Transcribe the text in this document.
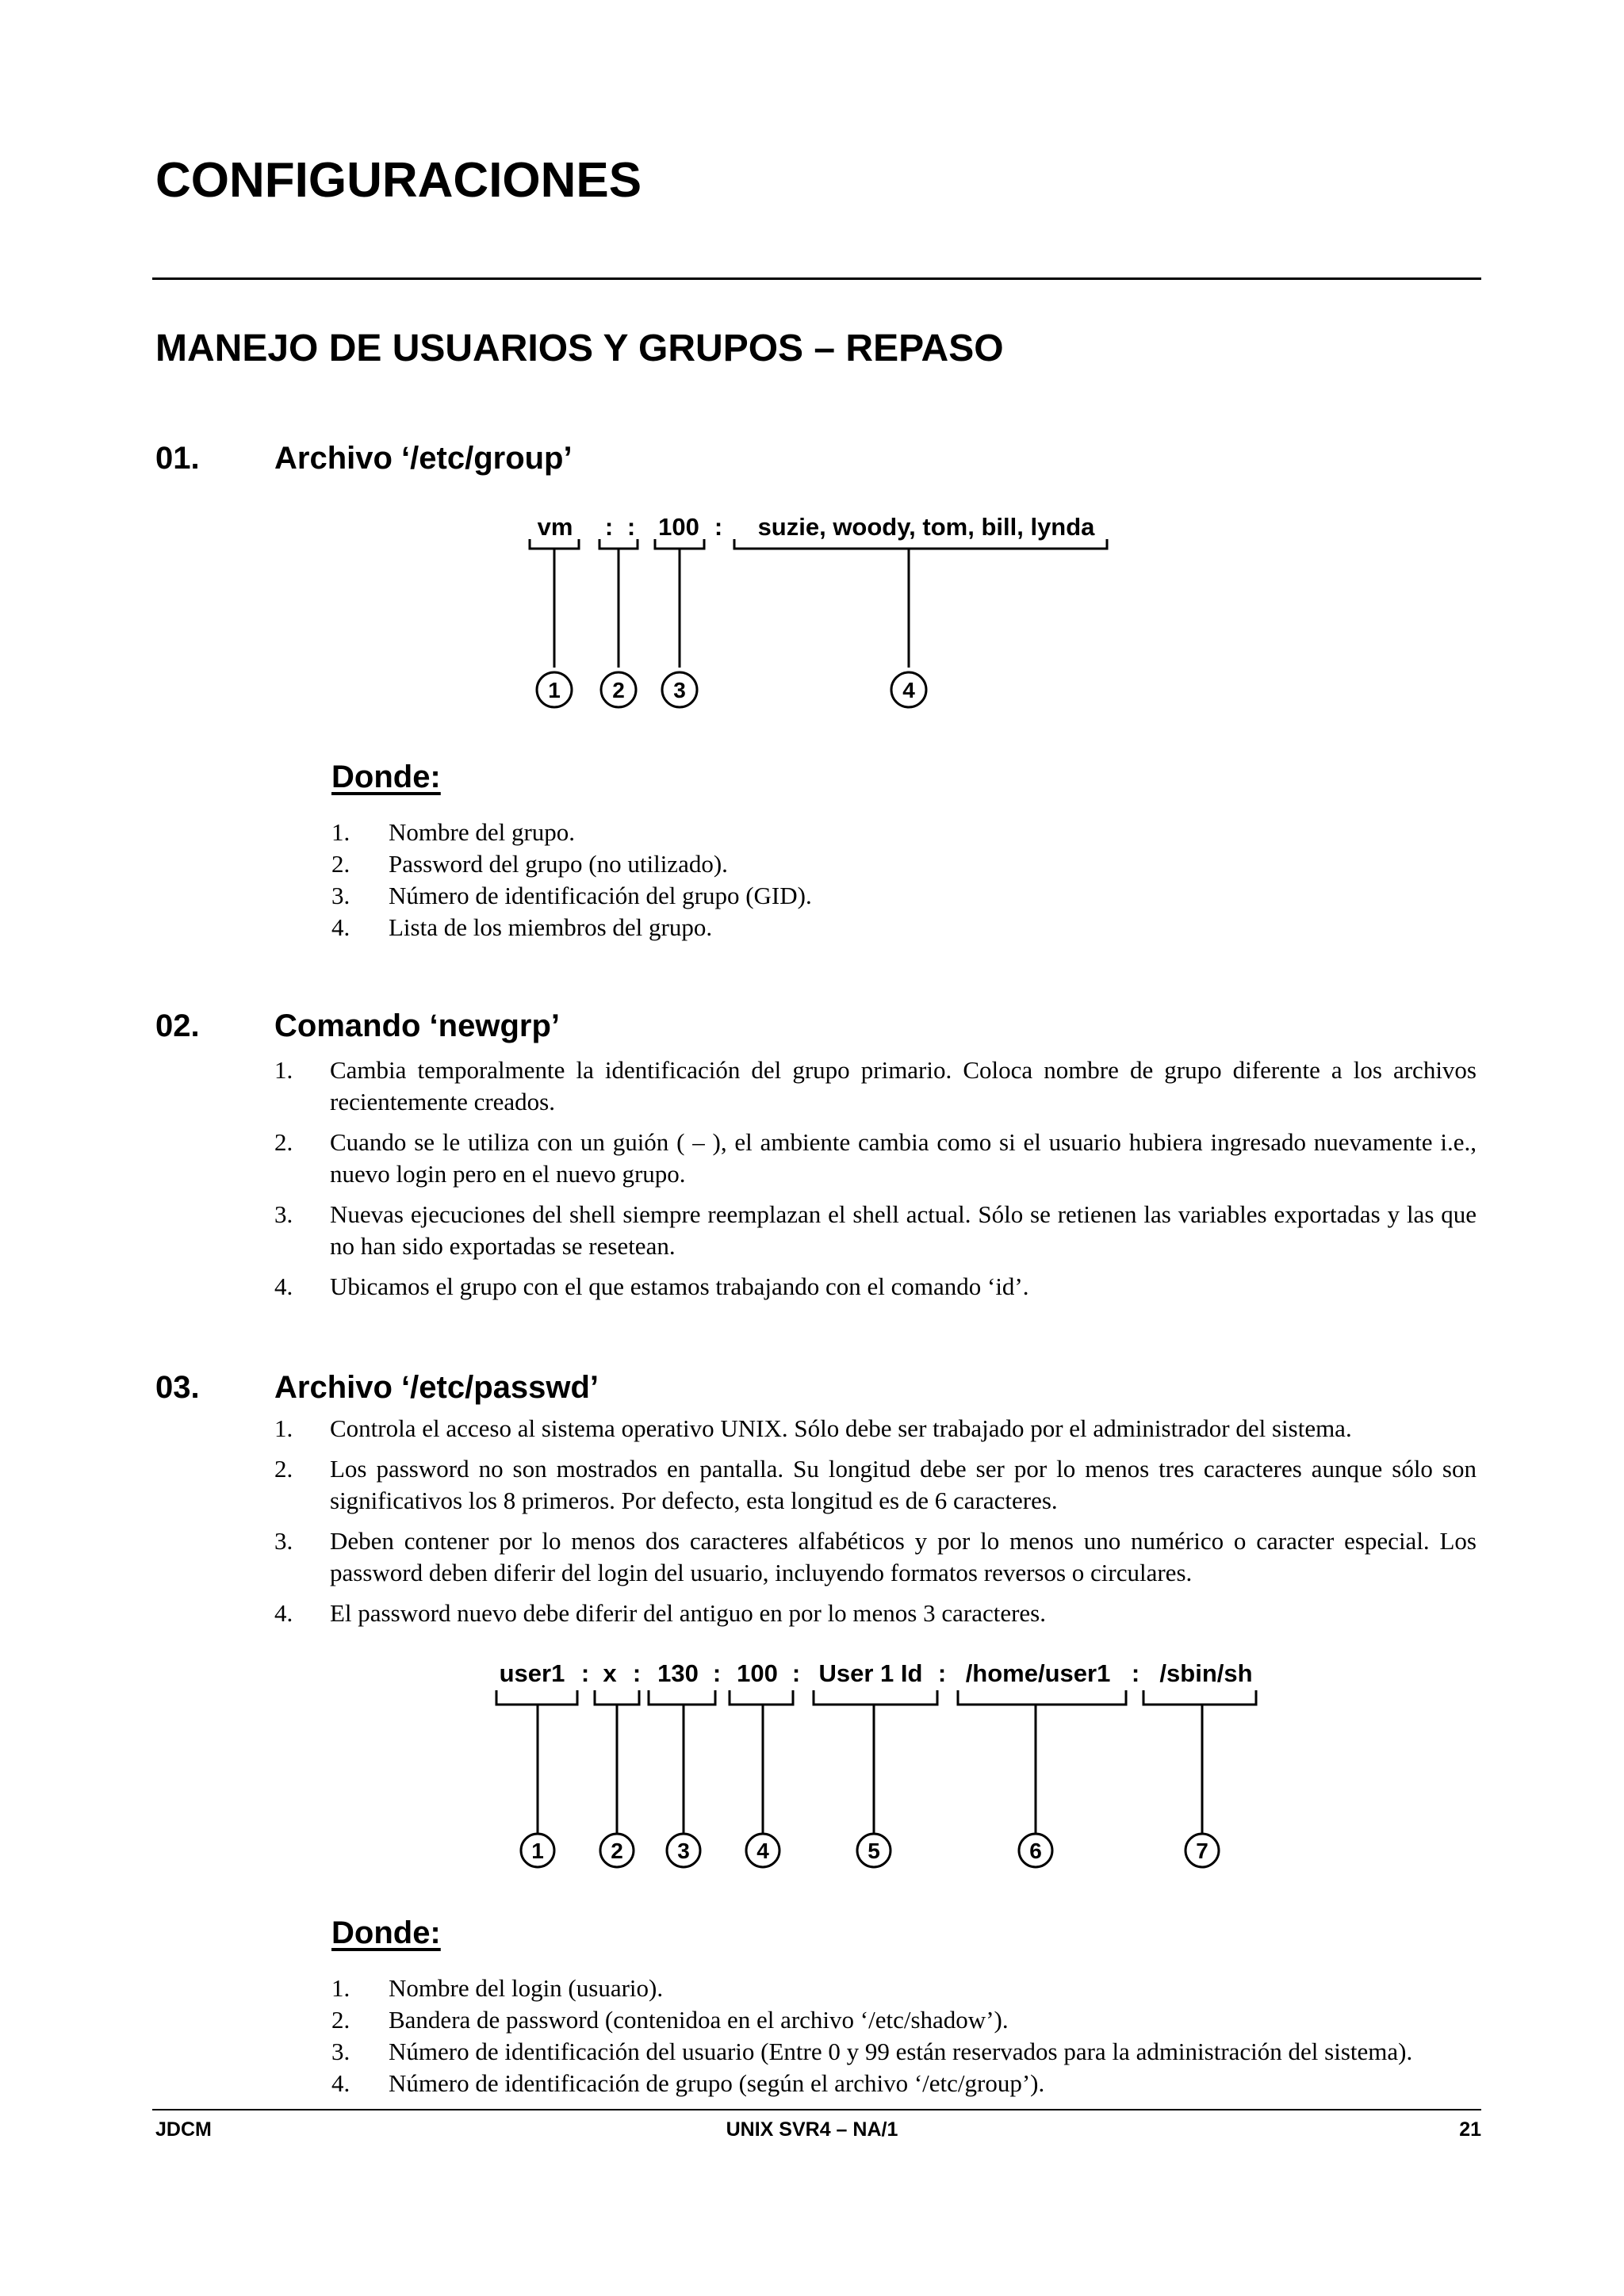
CONFIGURACIONES
MANEJO DE USUARIOS Y GRUPOS – REPASO
01. Archivo ‘/etc/group’
vm : : 100 : suzie, woody, tom, bill, lynda
1 2 3	4
Donde:
1. Nombre del grupo.
2. Password del grupo (no utilizado).
3. Número de identificación del grupo (GID).
4. Lista de los miembros del grupo.
02. Comando ‘newgrp’
1. Cambia temporalmente la identificación del grupo primario. Coloca nombre de grupo diferente a los archivos recientemente creados.
2. Cuando se le utiliza con un guión ( – ), el ambiente cambia como si el usuario hubiera ingresado nuevamente i.e., nuevo login pero en el nuevo grupo.
3. Nuevas ejecuciones del shell siempre reemplazan el shell actual. Sólo se retienen las variables exportadas y las que no han sido exportadas se resetean.
4. Ubicamos el grupo con el que estamos trabajando con el comando ‘id’.
03. Archivo ‘/etc/passwd’
1. Controla el acceso al sistema operativo UNIX. Sólo debe ser trabajado por el administrador del sistema.
2. Los password no son mostrados en pantalla. Su longitud debe ser por lo menos tres caracteres aunque sólo son significativos los 8 primeros. Por defecto, esta longitud es de 6 caracteres.
3. Deben contener por lo menos dos caracteres alfabéticos y por lo menos uno numérico o caracter especial. Los password deben diferir del login del usuario, incluyendo formatos reversos o circulares.
4. El password nuevo debe diferir del antiguo en por lo menos 3 caracteres.
user1 : x : 130 : 100 : User 1 Id : /home/user1 : /sbin/sh
1	2 3	4	5	6	7
Donde:
1. Nombre del login (usuario).
2. Bandera de password (contenidoa en el archivo ‘/etc/shadow’).
3. Número de identificación del usuario (Entre 0 y 99 están reservados para la administración del sistema).
4. Número de identificación de grupo (según el archivo ‘/etc/group’).
JDCM	UNIX SVR4 – NA/1	21
